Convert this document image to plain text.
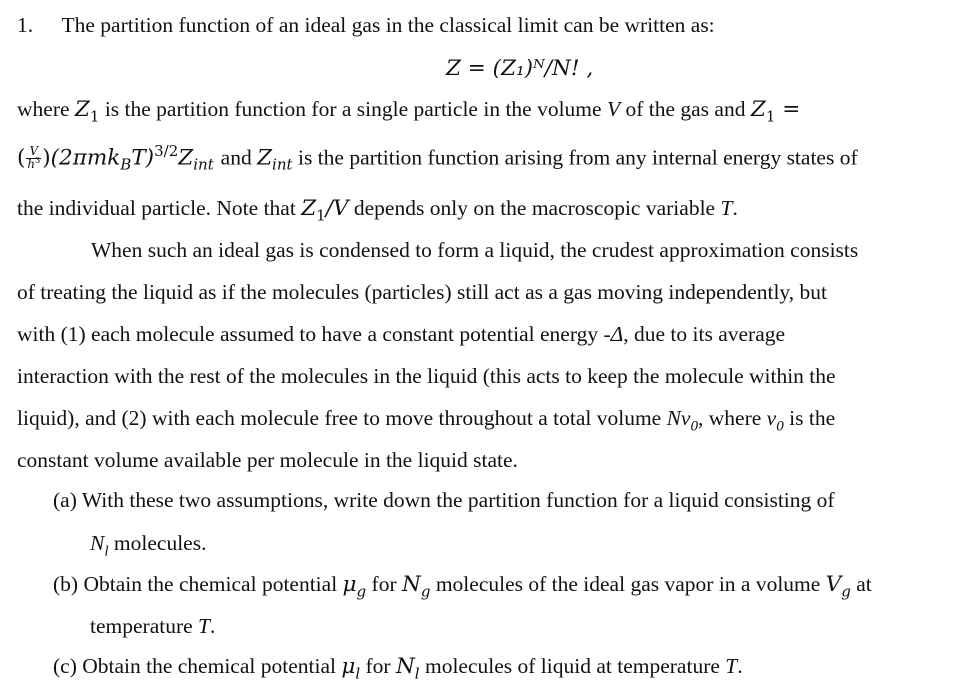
1. The partition function of an ideal gas in the classical limit can be written as:
Z = (Z₁)ᴺ/N! ,
where $Z_1$ is the partition function for a single particle in the volume V of the gas and $Z_1$ =
( $\frac{V}{h^3} )(2\pi mk_BT)^{3/2}Z_{int}$ and $Z_{int}$ is the partition function arising from any internal energy states of
the individual particle. Note that $Z_1/V$ depends only on the macroscopic variable T.
When such an ideal gas is condensed to form a liquid, the crudest approximation consists
of treating the liquid as if the molecules (particles) still act as a gas moving independently, but
with (1) each molecule assumed to have a constant potential energy -Δ, due to its average
interaction with the rest of the molecules in the liquid (this acts to keep the molecule within the
liquid), and (2) with each molecule free to move throughout a total volume $Nv_0$, where $v_0$ is the
constant volume available per molecule in the liquid state.
(a) With these two assumptions, write down the partition function for a liquid consisting of
$N_l$ molecules.
(b) Obtain the chemical potential $\mu_g$ for $N_g$ molecules of the ideal gas vapor in a volume $V_g$ at
temperature T.
(c) Obtain the chemical potential $\mu_l$ for $N_l$ molecules of liquid at temperature T.
